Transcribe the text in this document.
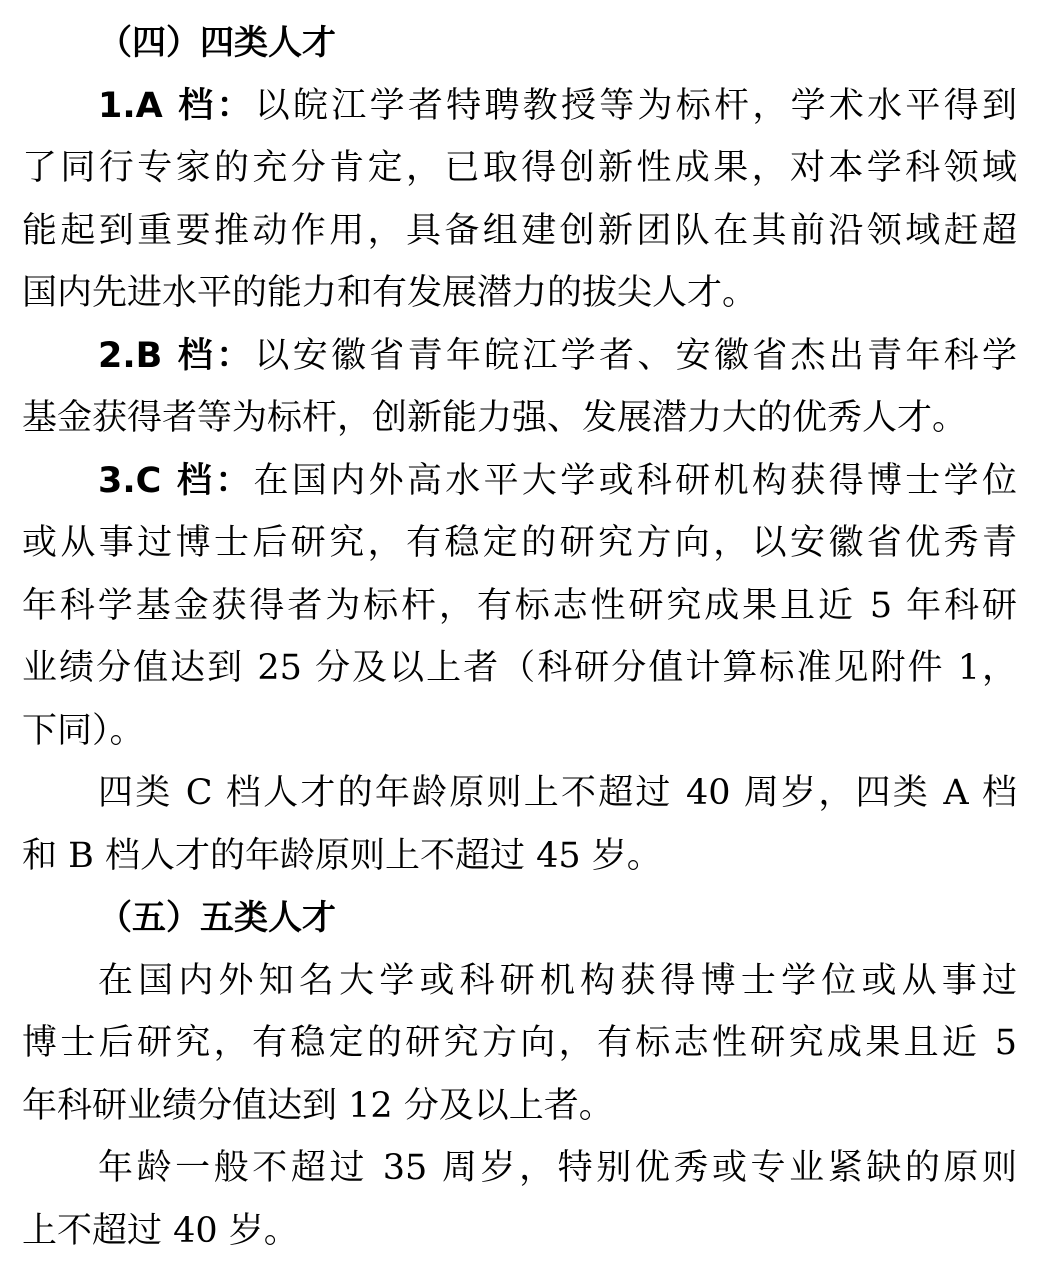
（四）四类人才
1.A 档：以皖江学者特聘教授等为标杆，学术水平得到
了同行专家的充分肯定，已取得创新性成果，对本学科领域
能起到重要推动作用，具备组建创新团队在其前沿领域赶超
国内先进水平的能力和有发展潜力的拔尖人才。
2.B 档：以安徽省青年皖江学者、安徽省杰出青年科学
基金获得者等为标杆，创新能力强、发展潜力大的优秀人才。
3.C 档：在国内外高水平大学或科研机构获得博士学位
或从事过博士后研究，有稳定的研究方向，以安徽省优秀青
年科学基金获得者为标杆，有标志性研究成果且近 5 年科研
业绩分值达到 25 分及以上者（科研分值计算标准见附件 1，
下同）。
四类 C 档人才的年龄原则上不超过 40 周岁，四类 A 档
和 B 档人才的年龄原则上不超过 45 岁。
（五）五类人才
在国内外知名大学或科研机构获得博士学位或从事过
博士后研究，有稳定的研究方向，有标志性研究成果且近 5
年科研业绩分值达到 12 分及以上者。
年龄一般不超过 35 周岁，特别优秀或专业紧缺的原则
上不超过 40 岁。
